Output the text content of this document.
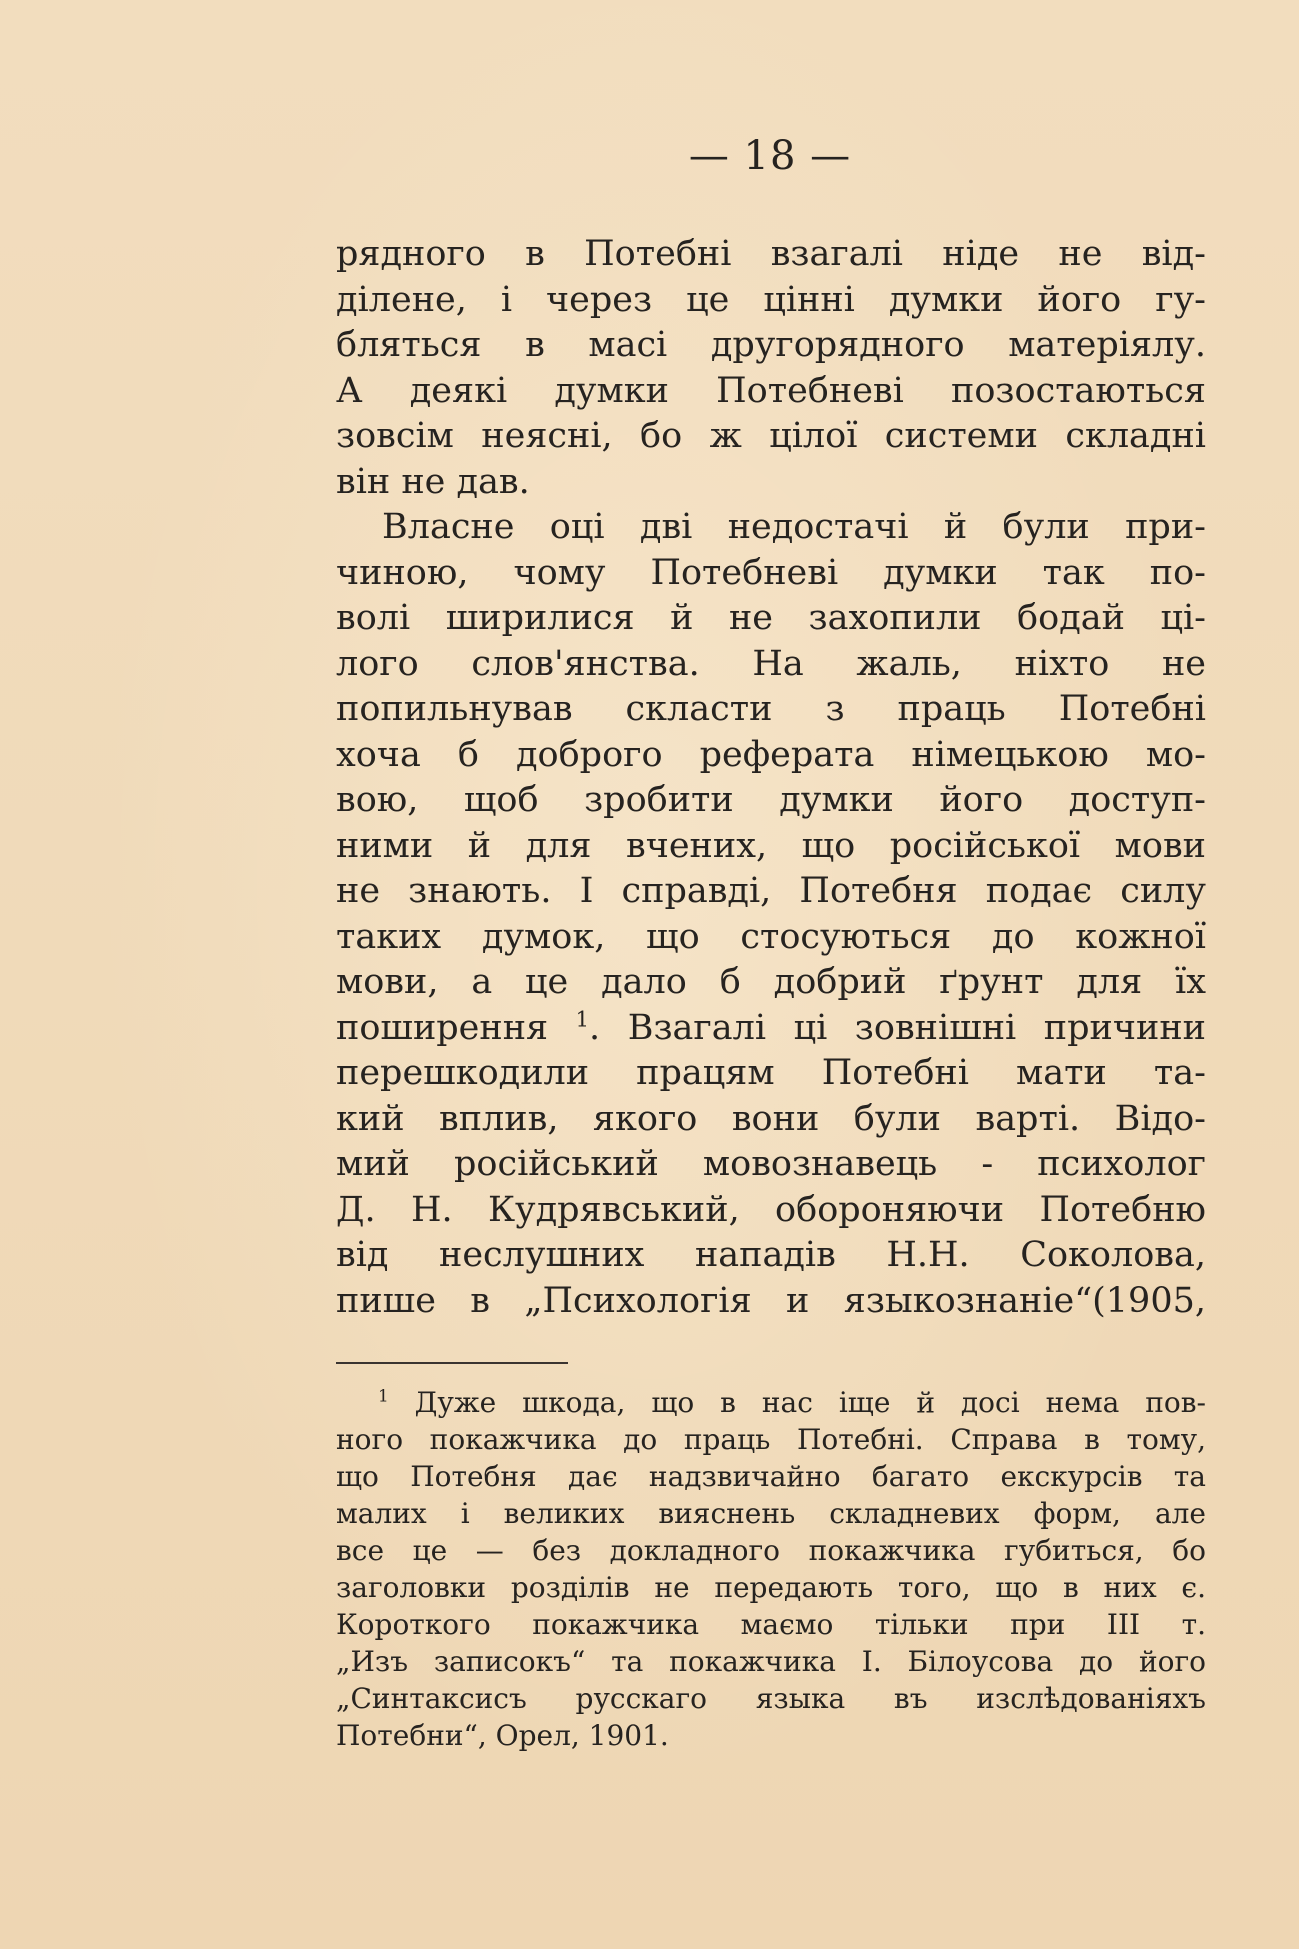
— 18 —
рядного в Потебні взагалі ніде не від-
ділене, і через це цінні думки його гу-
бляться в масі другорядного матеріялу.
А деякі думки Потебневі позостаються
зовсім неясні, бо ж цілої системи складні
він не дав.
Власне оці дві недостачі й були при-
чиною, чому Потебневі думки так по-
волі ширилися й не захопили бодай ці-
лого слов'янства. На жаль, ніхто не
попильнував скласти з праць Потебні
хоча б доброго реферата німецькою мо-
вою, щоб зробити думки його доступ-
ними й для вчених, що російської мови
не знають. І справді, Потебня подає силу
таких думок, що стосуються до кожної
мови, а це дало б добрий ґрунт для їх
поширення $^1$. Взагалі ці зовнішні причини
перешкодили працям Потебні мати та-
кий вплив, якого вони були варті. Відо-
мий російський мовознавець - психолог
Д. Н. Кудрявський, обороняючи Потебню
від неслушних нападів Н.Н. Соколова,
пише в „Психологія и языкознаніе“(1905,
$^1$ Дуже шкода, що в нас іще й досі нема пов-
ного покажчика до праць Потебні. Справа в тому,
що Потебня дає надзвичайно багато екскурсів та
малих і великих вияснень складневих форм, але
все це — без докладного покажчика губиться, бо
заголовки розділів не передають того, що в них є.
Короткого покажчика маємо тільки при III т.
„Изъ записокъ“ та покажчика І. Білоусова до його
„Синтаксисъ русскаго языка въ изслѣдованіяхъ
Потебни“, Орел, 1901.
